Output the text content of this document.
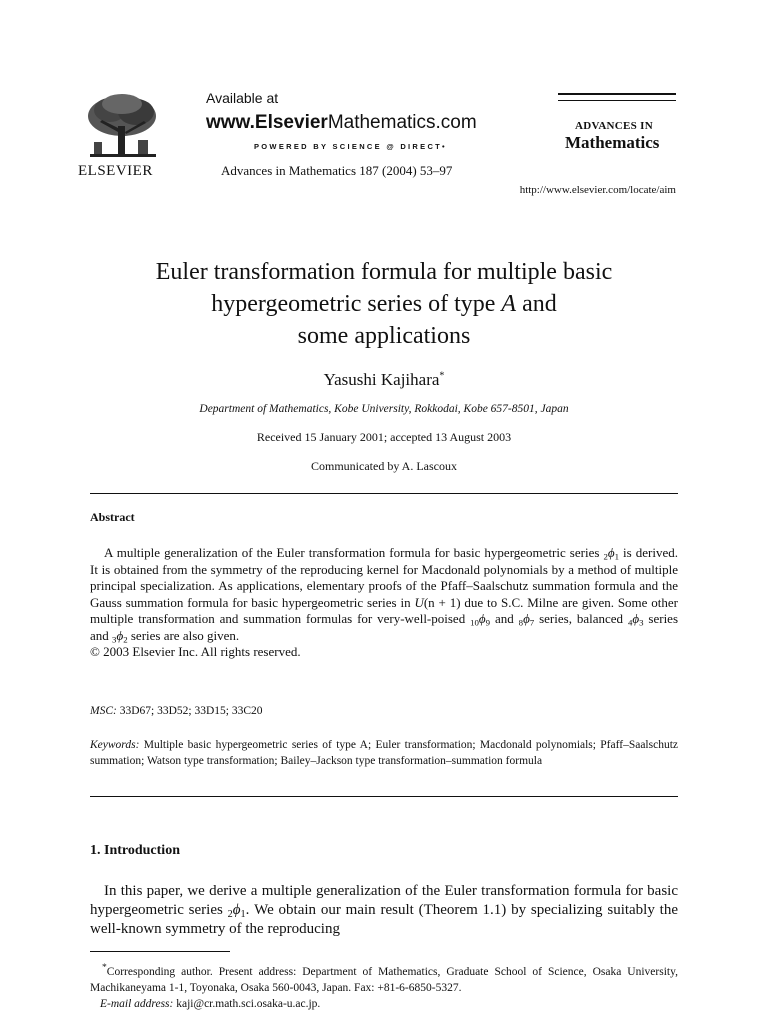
ELSEVIER
Available at
www.ElsevierMathematics.com
POWERED BY SCIENCE @ DIRECT•
Advances in Mathematics 187 (2004) 53–97
ADVANCES IN
Mathematics
http://www.elsevier.com/locate/aim
Euler transformation formula for multiple basic
hypergeometric series of type A and
some applications
Yasushi Kajihara*
Department of Mathematics, Kobe University, Rokkodai, Kobe 657-8501, Japan
Received 15 January 2001; accepted 13 August 2003
Communicated by A. Lascoux
Abstract
A multiple generalization of the Euler transformation formula for basic hypergeometric series $2\phi_1$ is derived. It is obtained from the symmetry of the reproducing kernel for Macdonald polynomials by a method of multiple principal specialization. As applications, elementary proofs of the Pfaff–Saalschutz summation formula and the Gauss summation formula for basic hypergeometric series in U(n + 1) due to S.C. Milne are given. Some other multiple transformation and summation formulas for very-well-poised $10\phi_9$ and $8\phi_7$ series, balanced $4\phi_3$ series and $3\phi_2$ series are also given.
© 2003 Elsevier Inc. All rights reserved.
MSC: 33D67; 33D52; 33D15; 33C20
Keywords: Multiple basic hypergeometric series of type A; Euler transformation; Macdonald polynomials; Pfaff–Saalschutz summation; Watson type transformation; Bailey–Jackson type transformation–summation formula
1. Introduction
In this paper, we derive a multiple generalization of the Euler transformation formula for basic hypergeometric series $2\phi_1$. We obtain our main result (Theorem 1.1) by specializing suitably the well-known symmetry of the reproducing
*Corresponding author. Present address: Department of Mathematics, Graduate School of Science, Osaka University, Machikaneyama 1-1, Toyonaka, Osaka 560-0043, Japan. Fax: +81-6-6850-5327.
E-mail address: kaji@cr.math.sci.osaka-u.ac.jp.
